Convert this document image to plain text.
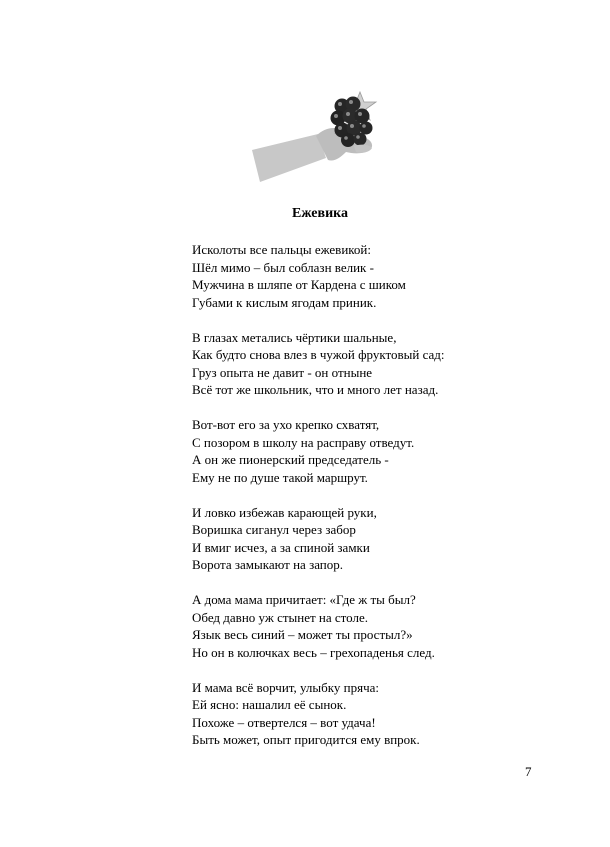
Ежевика
Исколоты все пальцы ежевикой:
Шёл мимо – был соблазн велик -
Мужчина в шляпе от Кардена с шиком
Губами к кислым ягодам приник.
В глазах метались чёртики шальные,
Как будто снова влез в чужой фруктовый сад:
Груз опыта не давит - он отныне
Всё тот же школьник, что и много лет назад.
Вот-вот его за ухо крепко схватят,
С позором в школу на расправу отведут.
А он же пионерский председатель -
Ему не по душе такой маршрут.
И ловко избежав карающей руки,
Воришка сиганул через забор
И вмиг исчез, а за спиной замки
Ворота замыкают на запор.
А дома мама причитает: «Где ж ты был?
Обед давно уж стынет на столе.
Язык весь синий – может ты простыл?»
Но он в колючках весь – грехопаденья след.
И мама всё ворчит, улыбку пряча:
Ей ясно: нашалил её сынок.
Похоже – отвертелся – вот удача!
Быть может, опыт пригодится ему впрок.
7
